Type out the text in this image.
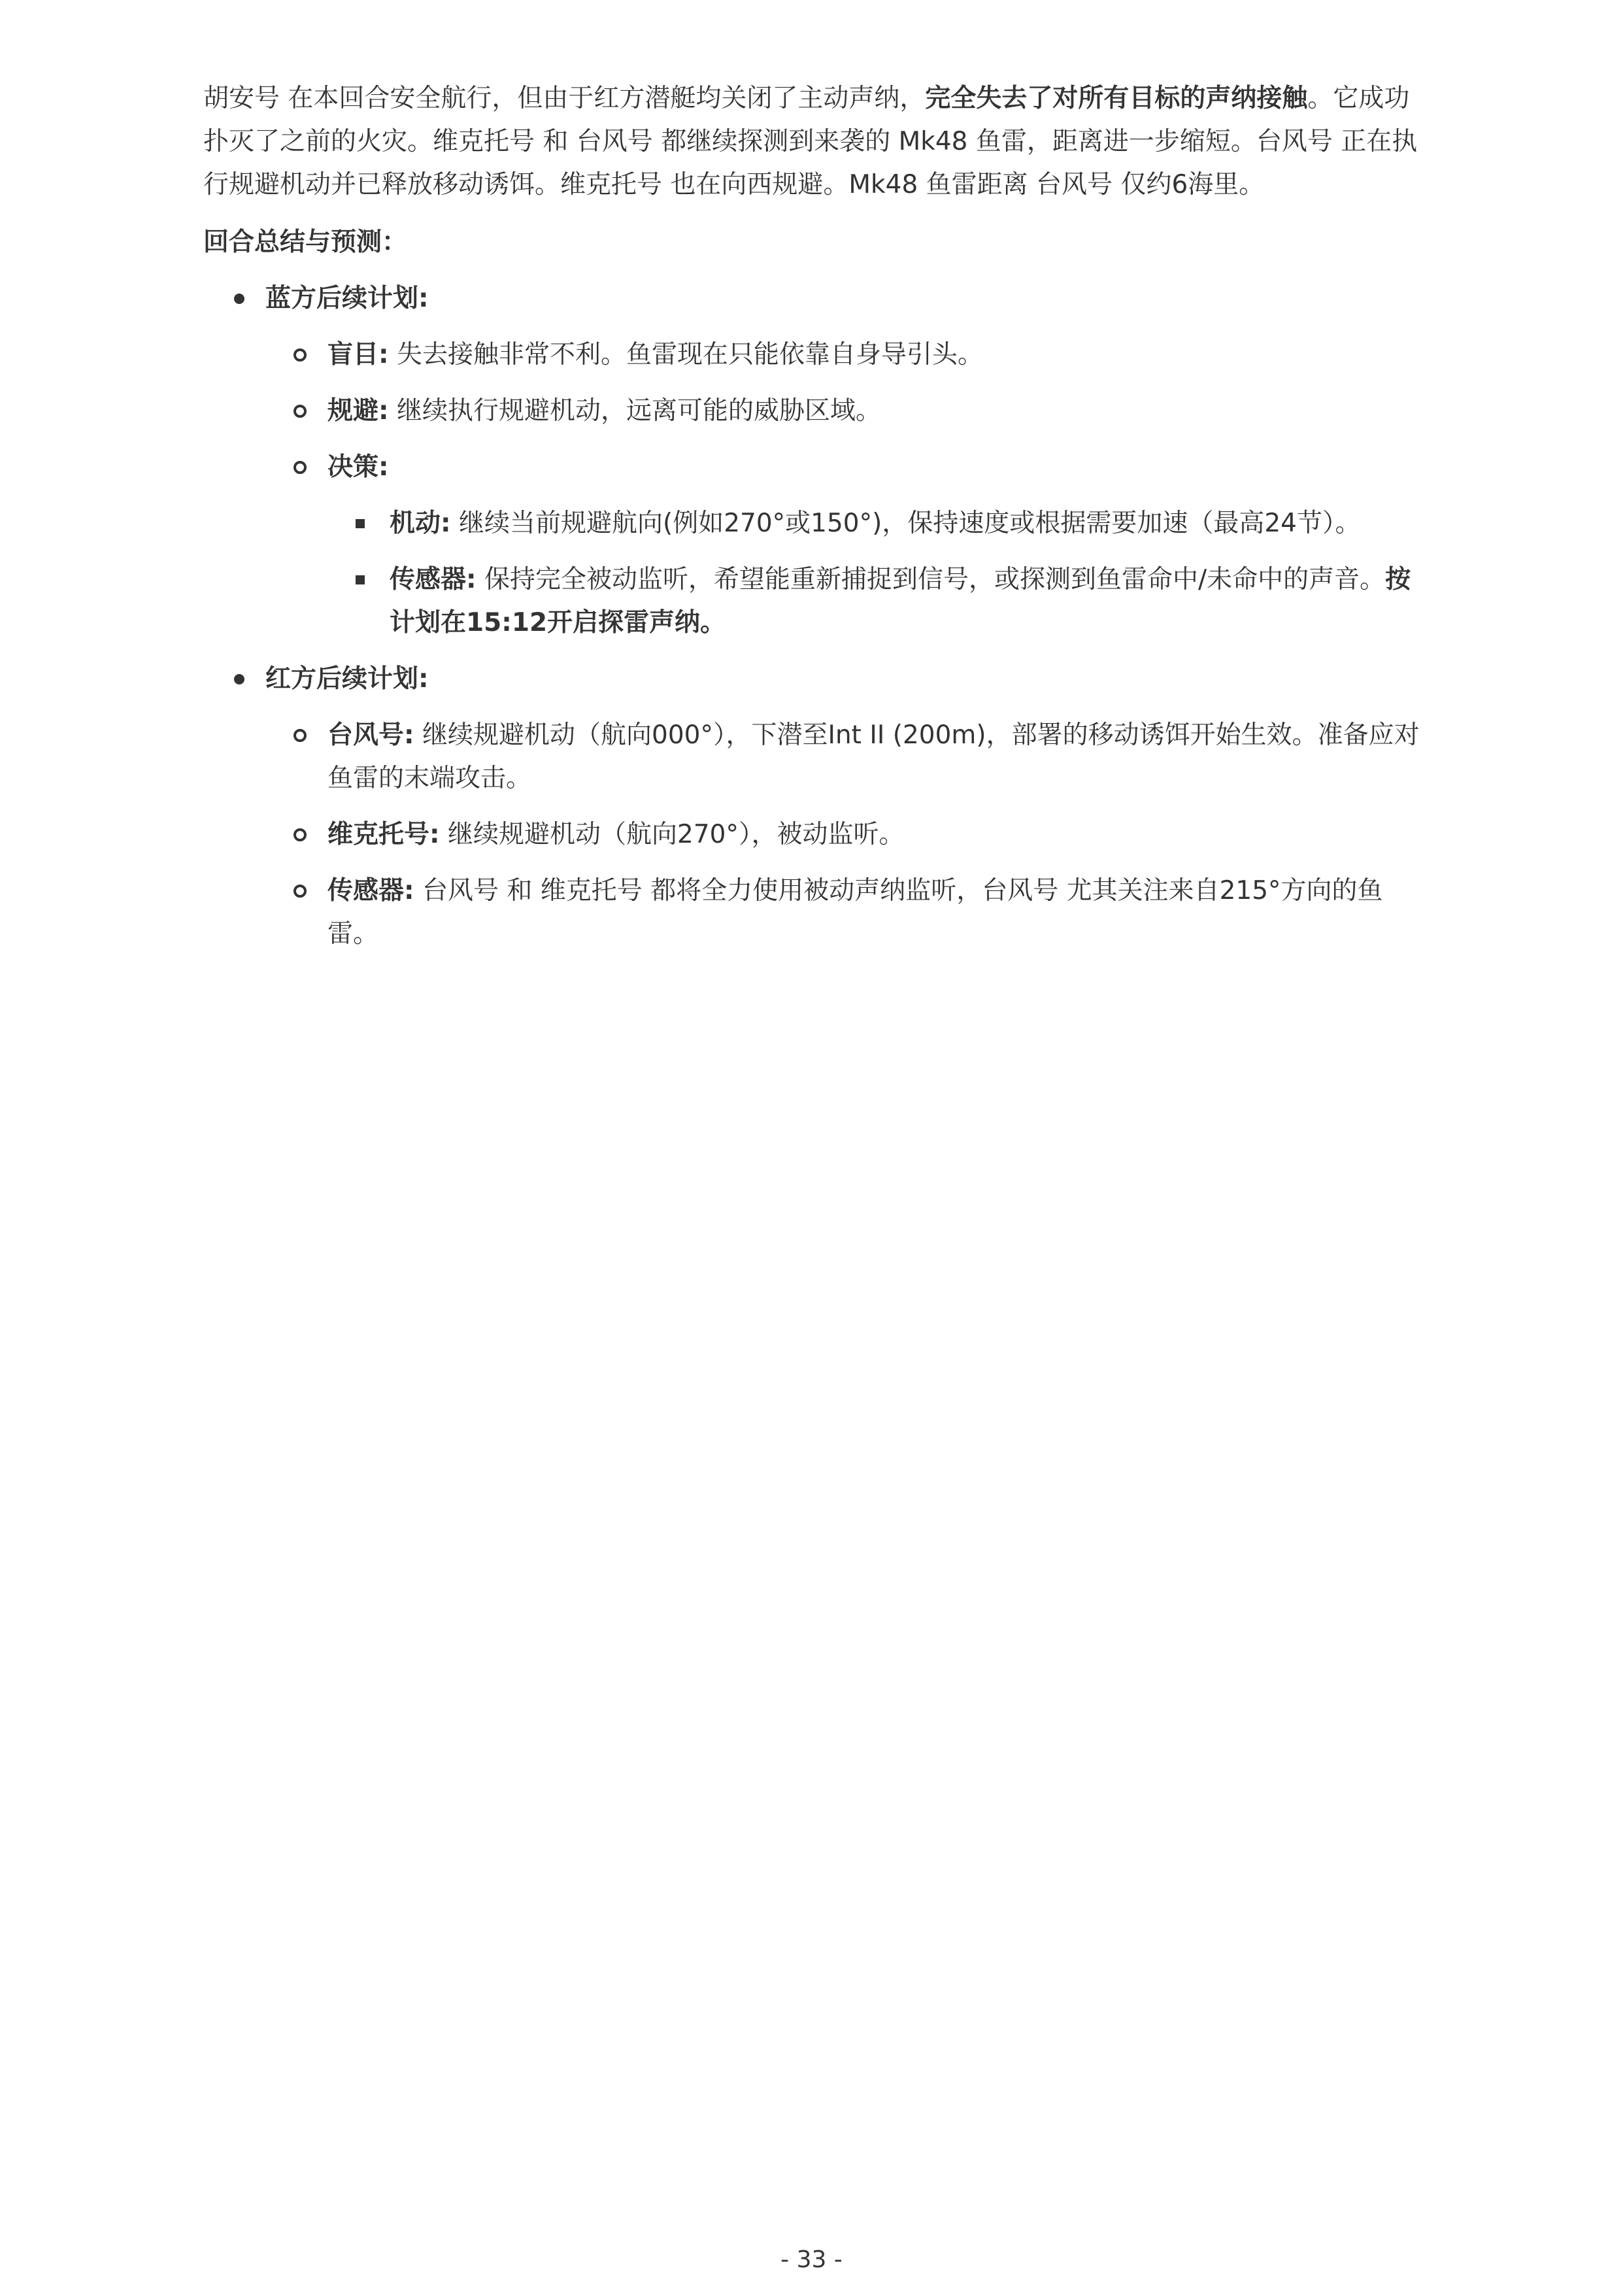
胡安号 在本回合安全航行，但由于红方潜艇均关闭了主动声纳，完全失去了对所有目标的声纳接触。它成功扑灭了之前的火灾。维克托号 和 台风号 都继续探测到来袭的 Mk48 鱼雷，距离进一步缩短。台风号 正在执行规避机动并已释放移动诱饵。维克托号 也在向西规避。Mk48 鱼雷距离 台风号 仅约6海里。

回合总结与预测：

蓝方后续计划:
盲目: 失去接触非常不利。鱼雷现在只能依靠自身导引头。
规避: 继续执行规避机动，远离可能的威胁区域。
决策:
机动: 继续当前规避航向(例如270°或150°)，保持速度或根据需要加速（最高24节）。
传感器: 保持完全被动监听，希望能重新捕捉到信号，或探测到鱼雷命中/未命中的声音。按计划在15:12开启探雷声纳。
红方后续计划:
台风号: 继续规避机动（航向000°），下潜至Int II (200m)，部署的移动诱饵开始生效。准备应对鱼雷的末端攻击。
维克托号: 继续规避机动（航向270°），被动监听。
传感器: 台风号 和 维克托号 都将全力使用被动声纳监听，台风号 尤其关注来自215°方向的鱼雷。
- 33 -
